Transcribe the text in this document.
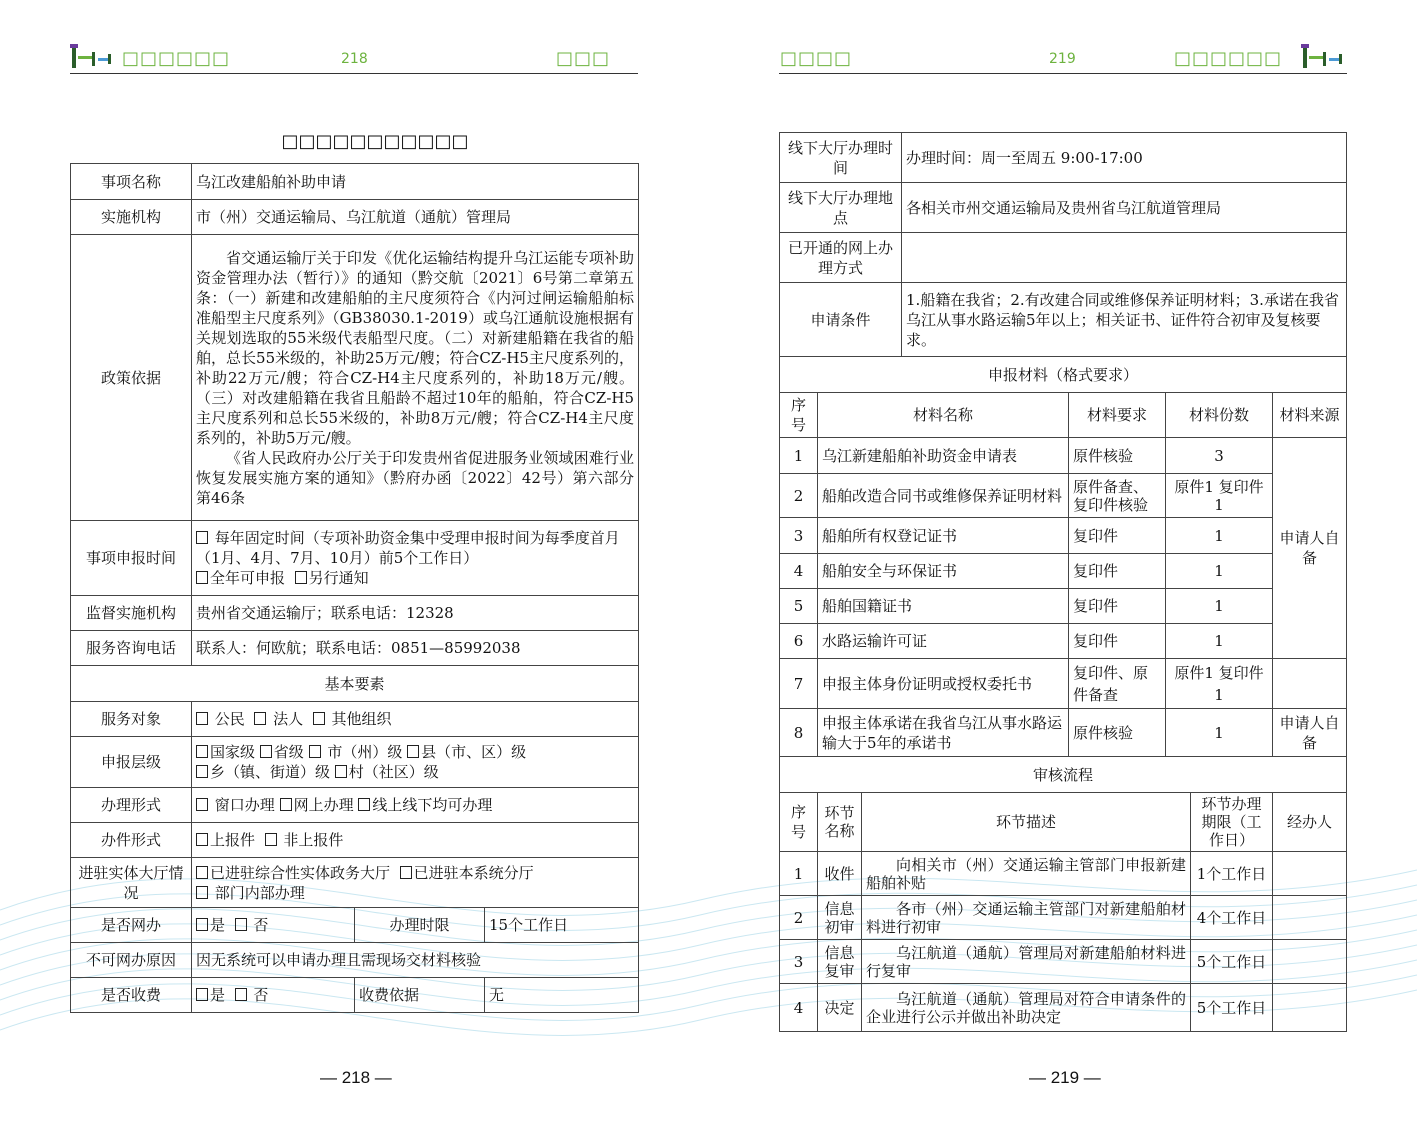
□□□□□□	218	□□□
□□□□□□□□□□□
事项名称	乌江改建船舶补助申请		
实施机构	市（州）交通运输局、乌江航道（通航）管理局		
政策依据	省交通运输厅关于印发《优化运输结构提升乌江运能专项补助资金管理办法（暂行）》的通知（黔交航〔2021〕6号第二章第五条：（一）新建和改建船舶的主尺度须符合《内河过闸运输船舶标准船型主尺度系列》（GB38030.1-2019）或乌江通航设施根据有关规划选取的55米级代表船型尺度。（二）对新建船籍在我省的船舶，总长55米级的，补助25万元/艘；符合CZ-H5主尺度系列的，补助22万元/艘；符合CZ-H4主尺度系列的，补助18万元/艘。（三）对改建船籍在我省且船龄不超过10年的船舶，符合CZ-H5主尺度系列和总长55米级的，补助8万元/艘；符合CZ-H4主尺度系列的，补助5万元/艘。

《省人民政府办公厅关于印发贵州省促进服务业领域困难行业恢复发展实施方案的通知》（黔府办函〔2022〕42号）第六部分第46条		

事项申报时间	每年固定时间（专项补助资金集中受理申报时间为每季度首月（1月、4月、7月、10月）前5个工作日）
全年可申报 另行通知		
监督实施机构	贵州省交通运输厅；联系电话：12328		
服务咨询电话	联系人：何欧航；联系电话：0851—85992038		
基本要素			
服务对象	公民 法人 其他组织		
申报层级	国家级 省级 市（州）级 县（市、区）级
乡（镇、街道）级 村（社区）级		
办理形式	窗口办理 网上办理 线上线下均可办理		
办件形式	上报件 非上报件		
进驻实体大厅情况	已进驻综合性实体政务大厅 已进驻本系统分厅
部门内部办理		
是否网办	是 否	办理时限	15个工作日
不可网办原因	因无系统可以申请办理且需现场交材料核验		
是否收费	是 否	收费依据	无
— 218 —
□□□□	219	□□□□□□
线下大厅办理时间			办理时间：周一至周五 9:00-17:00				
线下大厅办理地点			各相关市州交通运输局及贵州省乌江航道管理局				
已开通的网上办理方式							
申请条件			1.船籍在我省；2.有改建合同或维修保养证明材料；3.承诺在我省乌江从事水路运输5年以上；相关证书、证件符合初审及复核要求。				
申报材料（格式要求）							
序号	材料名称			材料要求	材料份数		材料来源
1	乌江新建船舶补助资金申请表			原件核验	3		申请人自备
2	船舶改造合同书或维修保养证明材料			原件备查、复印件核验	原件1 复印件1		
3	船舶所有权登记证书			复印件	1		
4	船舶安全与环保证书			复印件	1		
5	船舶国籍证书			复印件	1		
6	水路运输许可证			复印件	1		
7	申报主体身份证明或授权委托书			复印件、原件备查	原件1 复印件1		
8	申报主体承诺在我省乌江从事水路运输大于5年的承诺书			原件核验	1		申请人自备
审核流程							
序号	环节名称	环节描述				环节办理期限（工作日）	经办人
1	收件	向相关市（州）交通运输主管部门申报新建船舶补贴				1个工作日	
2	信息初审	各市（州）交通运输主管部门对新建船舶材料进行初审				4个工作日	
3	信息复审	乌江航道（通航）管理局对新建船舶材料进行复审				5个工作日	
4	决定	乌江航道（通航）管理局对符合申请条件的企业进行公示并做出补助决定				5个工作日	
— 219 —
